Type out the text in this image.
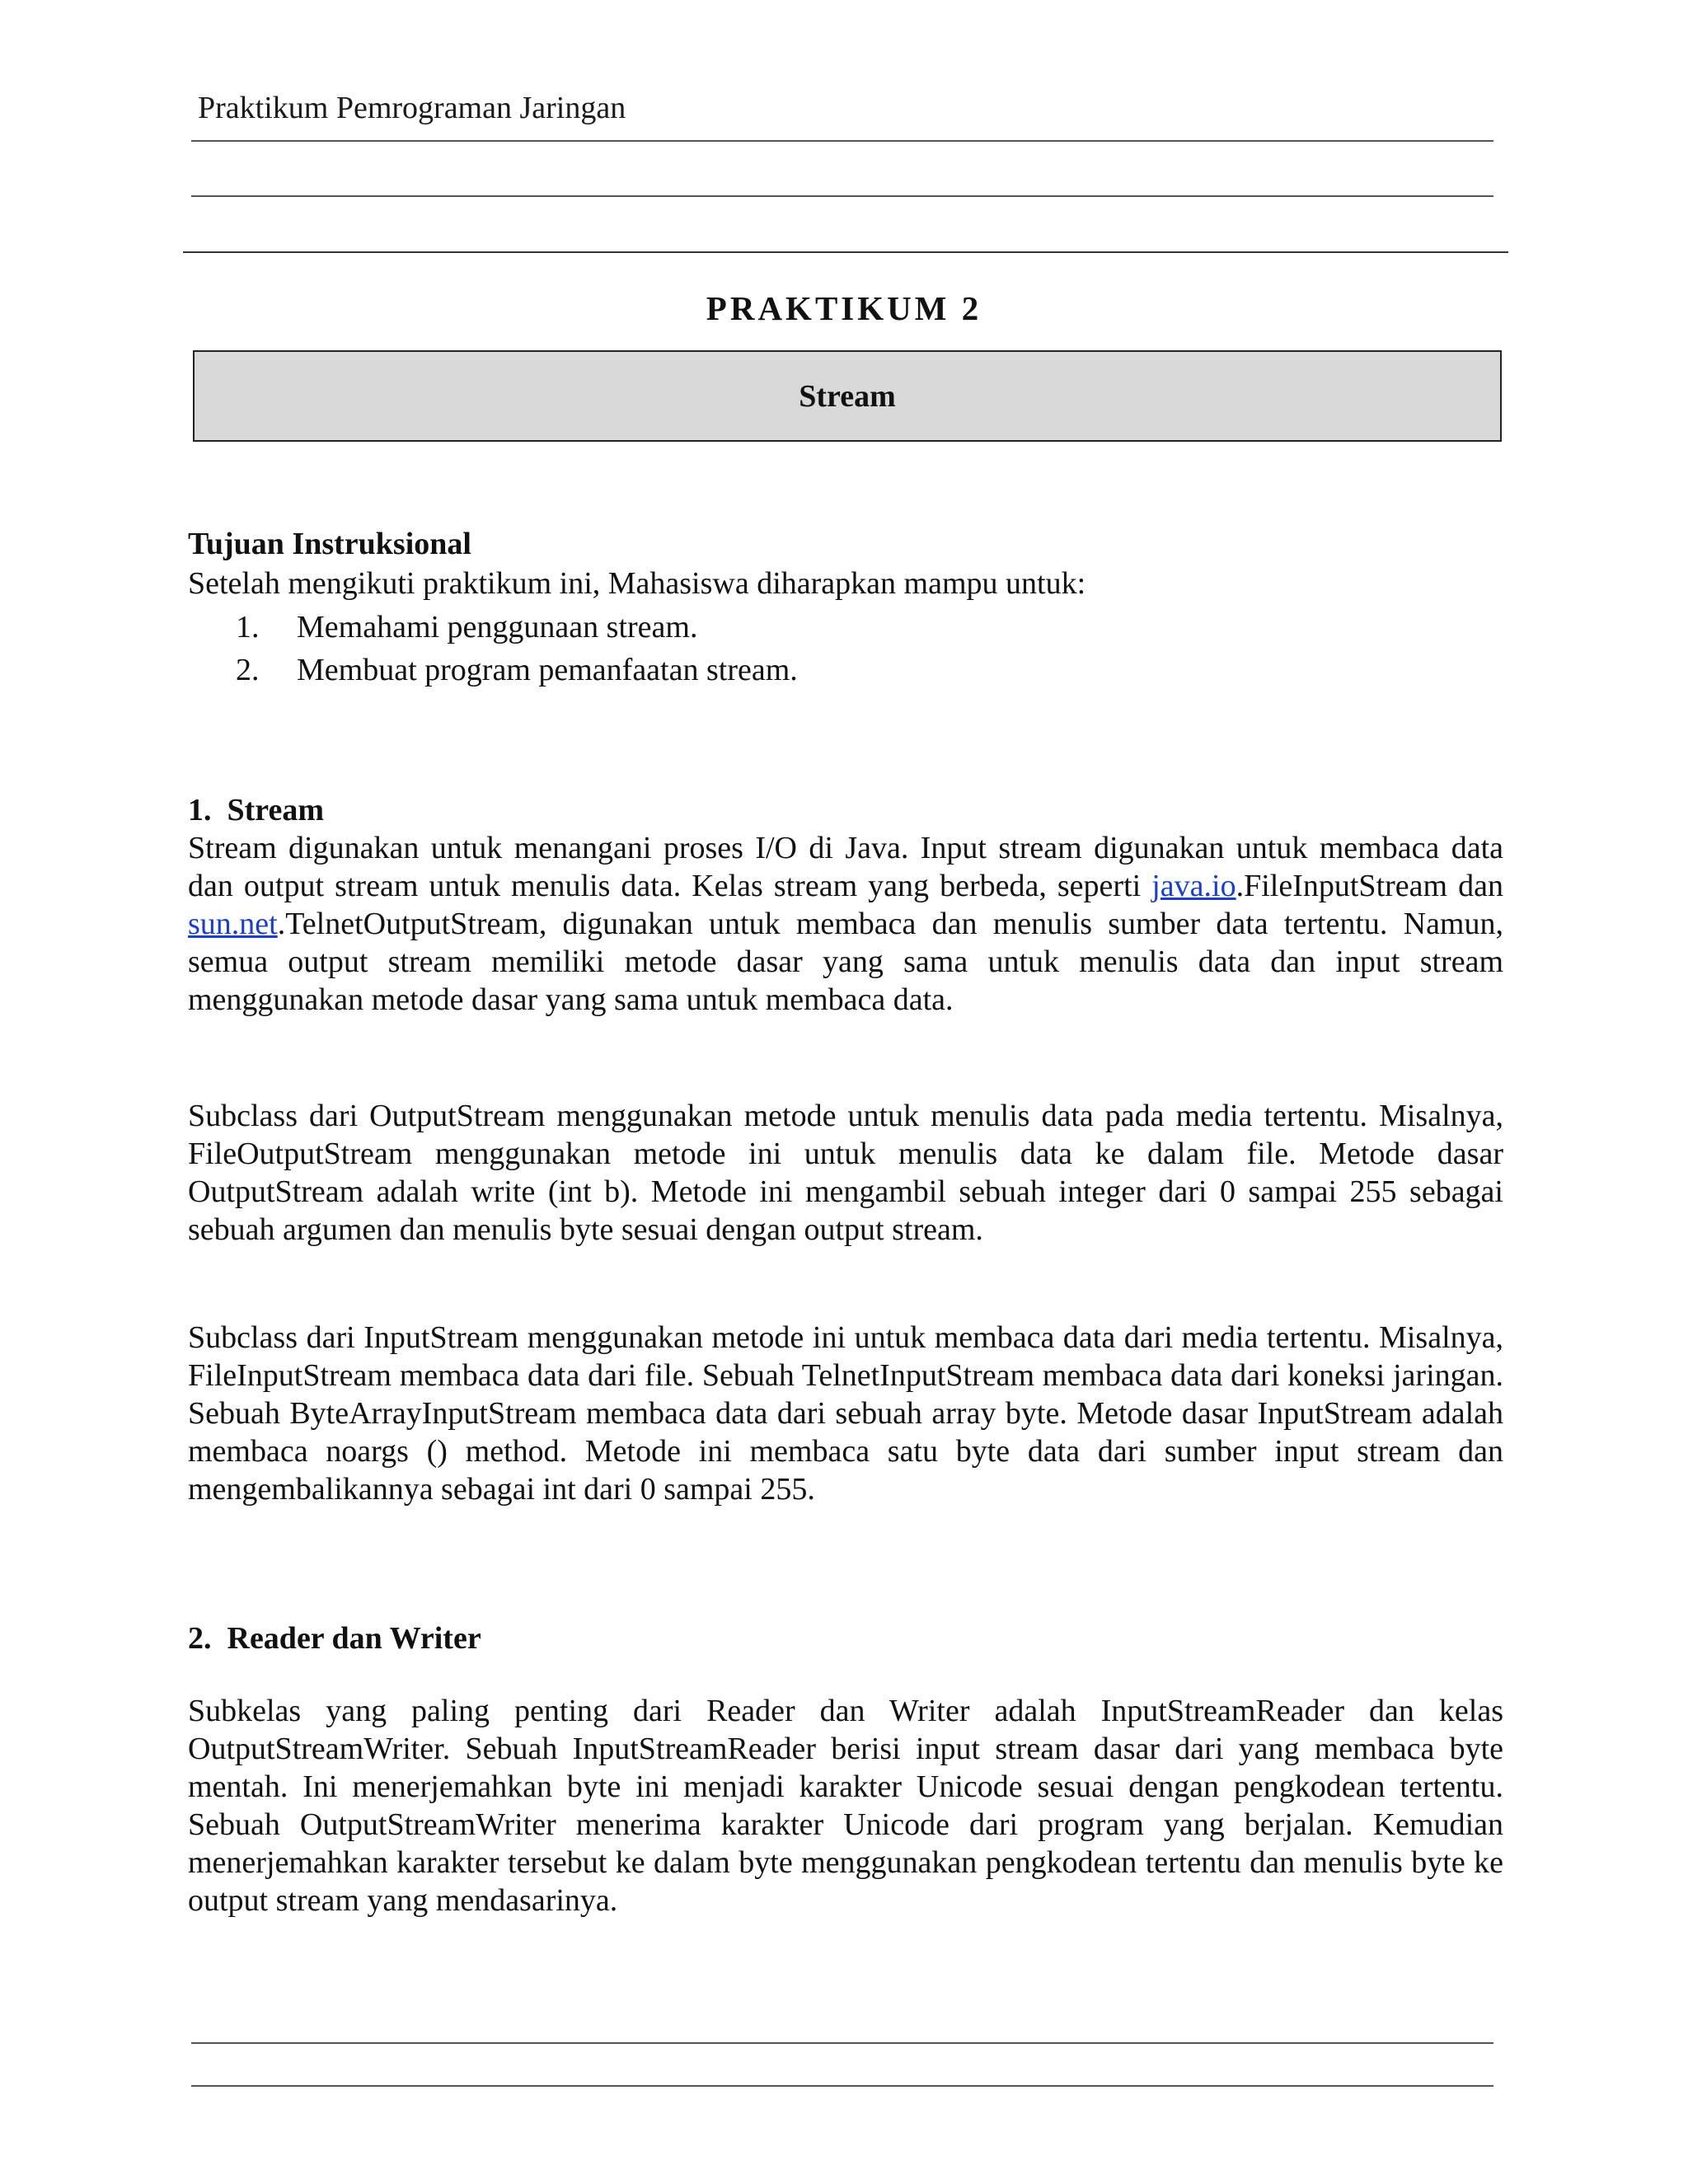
Praktikum Pemrograman Jaringan
PRAKTIKUM 2
Stream
Tujuan Instruksional
Setelah mengikuti praktikum ini, Mahasiswa diharapkan mampu untuk:
1. Memahami penggunaan stream.
2. Membuat program pemanfaatan stream.
1.  Stream
Stream digunakan untuk menangani proses I/O di Java. Input stream digunakan untuk membaca data dan output stream untuk menulis data. Kelas stream yang berbeda, seperti java.io.FileInputStream dan sun.net.TelnetOutputStream, digunakan untuk membaca dan menulis sumber data tertentu. Namun, semua output stream memiliki metode dasar yang sama untuk menulis data dan input stream menggunakan metode dasar yang sama untuk membaca data.
Subclass dari OutputStream menggunakan metode untuk menulis data pada media tertentu. Misalnya, FileOutputStream menggunakan metode ini untuk menulis data ke dalam file. Metode dasar OutputStream adalah write (int b). Metode ini mengambil sebuah integer dari 0 sampai 255 sebagai sebuah argumen dan menulis byte sesuai dengan output stream.
Subclass dari InputStream menggunakan metode ini untuk membaca data dari media tertentu. Misalnya, FileInputStream membaca data dari file. Sebuah TelnetInputStream membaca data dari koneksi jaringan. Sebuah ByteArrayInputStream membaca data dari sebuah array byte. Metode dasar InputStream adalah membaca noargs () method. Metode ini membaca satu byte data dari sumber input stream dan mengembalikannya sebagai int dari 0 sampai 255.
2.  Reader dan Writer
Subkelas yang paling penting dari Reader dan Writer adalah InputStreamReader dan kelas OutputStreamWriter. Sebuah InputStreamReader berisi input stream dasar dari yang membaca byte mentah. Ini menerjemahkan byte ini menjadi karakter Unicode sesuai dengan pengkodean tertentu. Sebuah OutputStreamWriter menerima karakter Unicode dari program yang berjalan. Kemudian menerjemahkan karakter tersebut ke dalam byte menggunakan pengkodean tertentu dan menulis byte ke output stream yang mendasarinya.
